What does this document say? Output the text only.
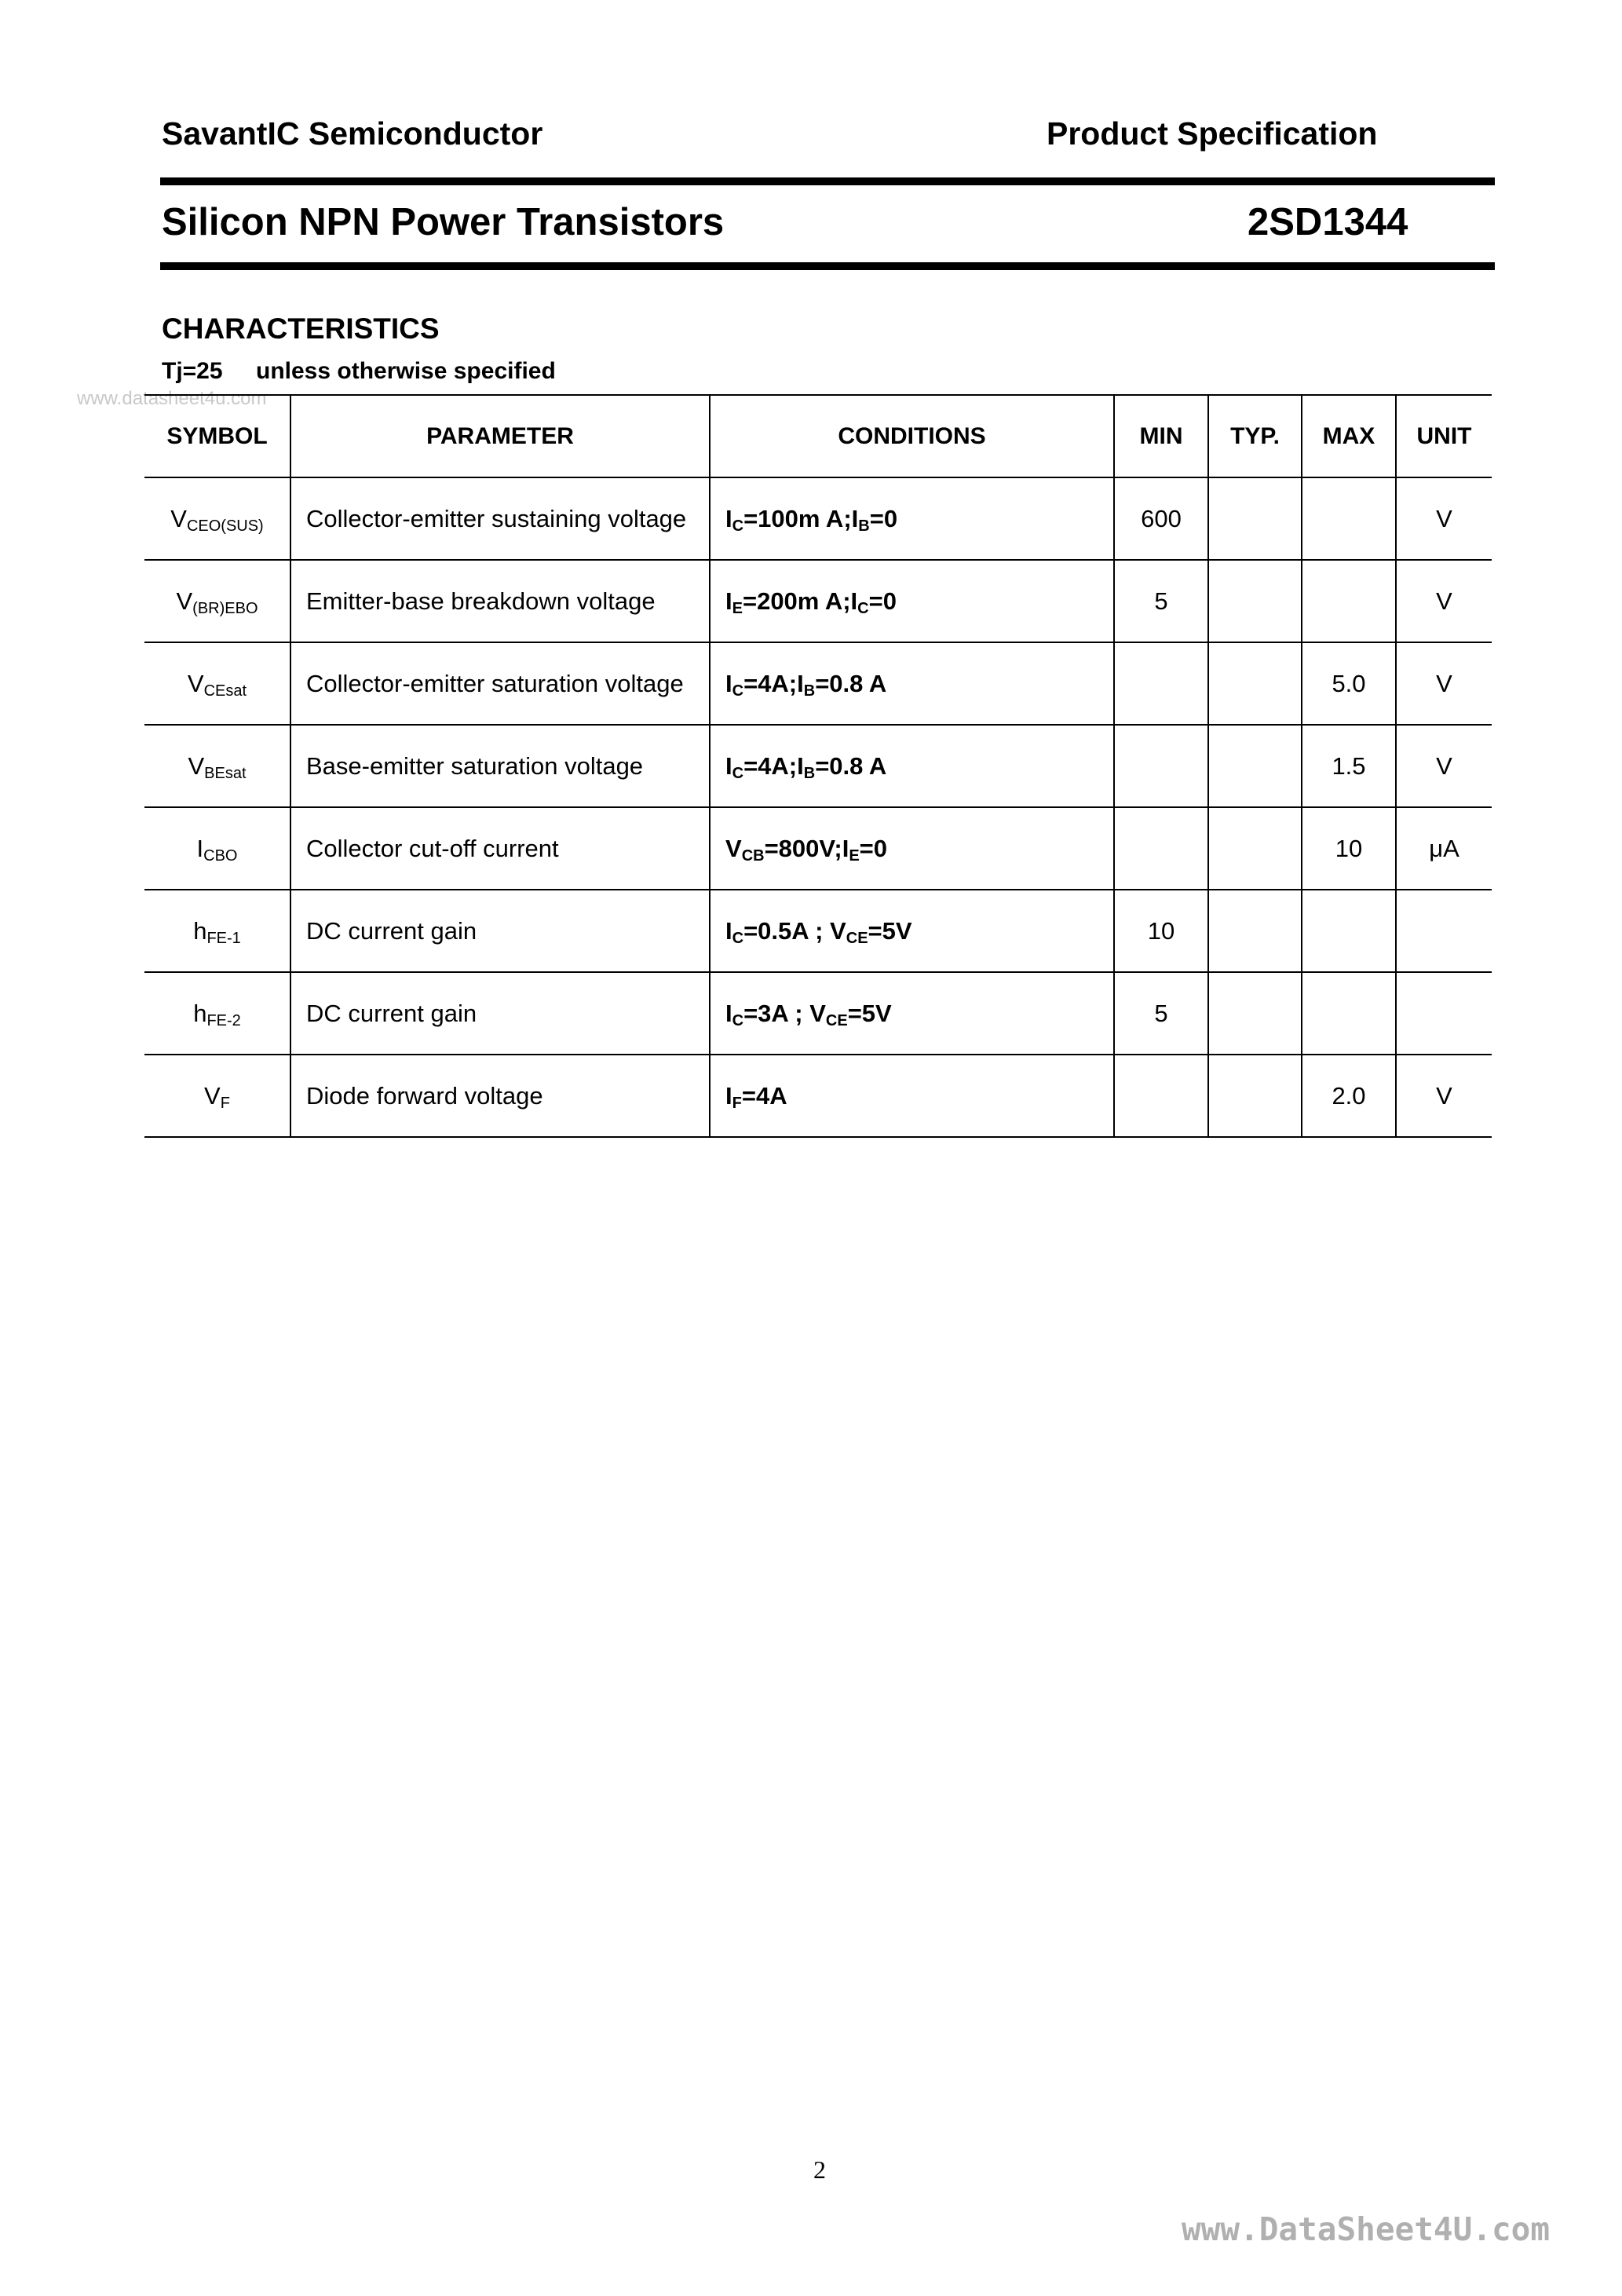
SavantIC Semiconductor	Product Specification
Silicon NPN Power Transistors	2SD1344
CHARACTERISTICS
Tj=25 unless otherwise specified
www.datasheet4u.com
SYMBOL	PARAMETER	CONDITIONS	MIN	TYP.	MAX	UNIT
$V_{CEO(SUS)}$	Collector-emitter sustaining voltage	$I_C=100m$ $A;I_B=0$	600			V
$V_{(BR)EBO}$	Emitter-base breakdown voltage	$I_E=200m$ $A;I_C=0$	5			V
$V_{CEsat}$	Collector-emitter saturation voltage	$I_C=4A;I_B=0.8$ A			5.0	V
$V_{BEsat}$	Base-emitter saturation voltage	$I_C=4A;I_B=0.8$ A			1.5	V
$I_{CBO}$	Collector cut-off current	$V_{CB}=800V;I_E=0$			10	μA
$h_{FE-1}$	DC current gain	$I_C=0.5A$ ; $V_{CE}=5V$	10			
$h_{FE-2}$	DC current gain	$I_C=3A$ ; $V_{CE}=5V$	5			
$V_F$	Diode forward voltage	$I_F=4A$			2.0	V
2
www.DataSheet4U.com
